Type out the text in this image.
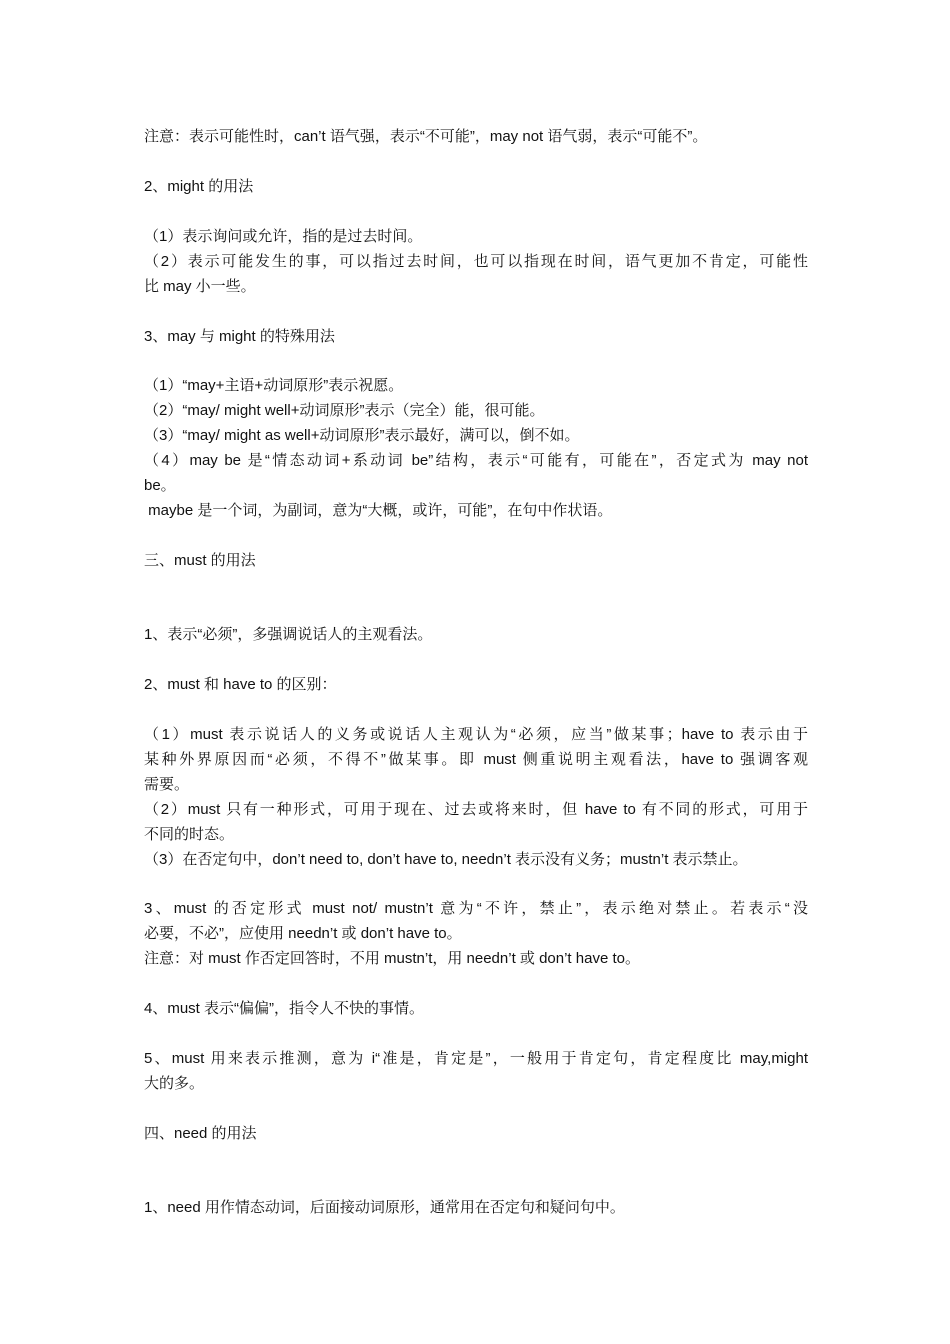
注意：表示可能性时，can’t 语气强，表示“不可能”，may not 语气弱，表示“可能不”。
2、might 的用法
（1）表示询问或允许，指的是过去时间。
（2）表示可能发生的事，可以指过去时间，也可以指现在时间，语气更加不肯定，可能性
比 may 小一些。
3、may 与 might 的特殊用法
（1）“may+主语+动词原形”表示祝愿。
（2）“may/ might well+动词原形”表示（完全）能，很可能。
（3）“may/ might as well+动词原形”表示最好，满可以，倒不如。
（4）may be 是“情态动词+系动词 be”结构，表示“可能有，可能在”，否定式为 may not
be。
maybe 是一个词，为副词，意为“大概，或许，可能”，在句中作状语。
三、must 的用法
1、表示“必须”，多强调说话人的主观看法。
2、must 和 have to 的区别：
（1）must 表示说话人的义务或说话人主观认为“必须，应当”做某事；have to 表示由于
某种外界原因而“必须，不得不”做某事。即 must 侧重说明主观看法，have to 强调客观
需要。
（2）must 只有一种形式，可用于现在、过去或将来时，但 have to 有不同的形式，可用于
不同的时态。
（3）在否定句中，don’t need to, don’t have to, needn’t 表示没有义务；mustn’t 表示禁止。
3、must 的否定形式 must not/ mustn’t 意为“不许，禁止”，表示绝对禁止。若表示“没
必要，不必”，应使用 needn’t 或 don’t have to。
注意：对 must 作否定回答时，不用 mustn’t，用 needn’t 或 don’t have to。
4、must 表示“偏偏”，指令人不快的事情。
5、must 用来表示推测，意为 i“准是，肯定是”，一般用于肯定句，肯定程度比 may,might
大的多。
四、need 的用法
1、need 用作情态动词，后面接动词原形，通常用在否定句和疑问句中。
